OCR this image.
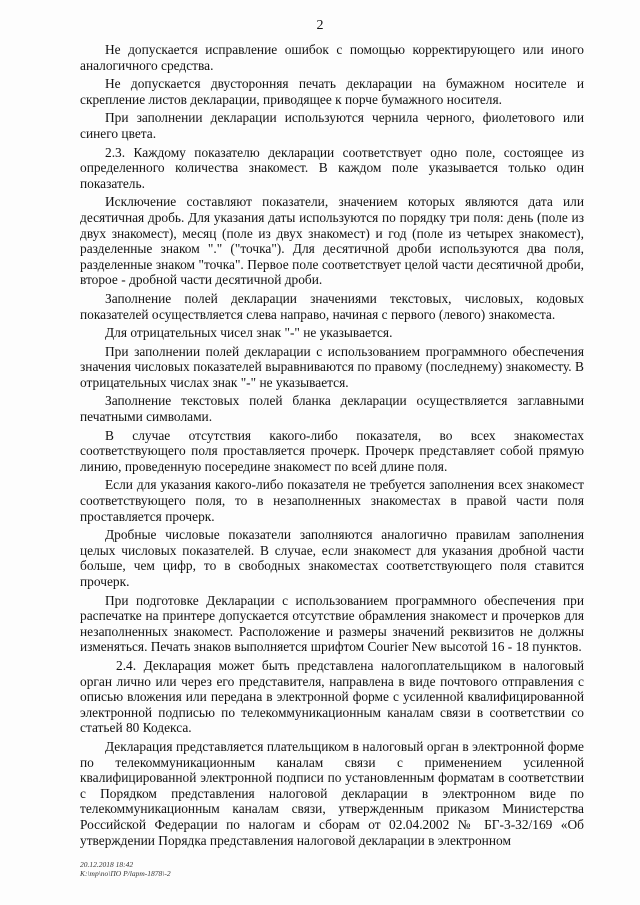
2

Не допускается исправление ошибок с помощью корректирующего или иного аналогичного средства.

Не допускается двусторонняя печать декларации на бумажном носителе и скрепление листов декларации, приводящее к порче бумажного носителя.

При заполнении декларации используются чернила черного, фиолетового или синего цвета.

2.3. Каждому показателю декларации соответствует одно поле, состоящее из определенного количества знакомест. В каждом поле указывается только один показатель.

Исключение составляют показатели, значением которых являются дата или десятичная дробь. Для указания даты используются по порядку три поля: день (поле из двух знакомест), месяц (поле из двух знакомест) и год (поле из четырех знакомест), разделенные знаком "." ("точка"). Для десятичной дроби используются два поля, разделенные знаком "точка". Первое поле соответствует целой части десятичной дроби, второе - дробной части десятичной дроби.

Заполнение полей декларации значениями текстовых, числовых, кодовых показателей осуществляется слева направо, начиная с первого (левого) знакоместа.

Для отрицательных чисел знак "-" не указывается.

При заполнении полей декларации с использованием программного обеспечения значения числовых показателей выравниваются по правому (последнему) знакоместу. В отрицательных числах знак "-" не указывается.

Заполнение текстовых полей бланка декларации осуществляется заглавными печатными символами.

В случае отсутствия какого-либо показателя, во всех знакоместах соответствующего поля проставляется прочерк. Прочерк представляет собой прямую линию, проведенную посередине знакомест по всей длине поля.

Если для указания какого-либо показателя не требуется заполнения всех знакомест соответствующего поля, то в незаполненных знакоместах в правой части поля проставляется прочерк.

Дробные числовые показатели заполняются аналогично правилам заполнения целых числовых показателей. В случае, если знакомест для указания дробной части больше, чем цифр, то в свободных знакоместах соответствующего поля ставится прочерк.

При подготовке Декларации с использованием программного обеспечения при распечатке на принтере допускается отсутствие обрамления знакомест и прочерков для незаполненных знакомест. Расположение и размеры значений реквизитов не должны изменяться. Печать знаков выполняется шрифтом Courier New высотой 16 - 18 пунктов.

2.4. Декларация может быть представлена налогоплательщиком в налоговый орган лично или через его представителя, направлена в виде почтового отправления с описью вложения или передана в электронной форме с усиленной квалифицированной электронной подписью по телекоммуникационным каналам связи в соответствии со статьей 80 Кодекса.

Декларация представляется плательщиком в налоговый орган в электронной форме по телекоммуникационным каналам связи с применением усиленной квалифицированной электронной подписи по установленным форматам в соответствии с Порядком представления налоговой декларации в электронном виде по телекоммуникационным каналам связи, утвержденным приказом Министерства Российской Федерации по налогам и сборам от 02.04.2002 № БГ-3-32/169 «Об утверждении Порядка представления налоговой декларации в электронном

20.12.2018 18:42
К:\mp\no\ПО Р/lapm-1878\-2
